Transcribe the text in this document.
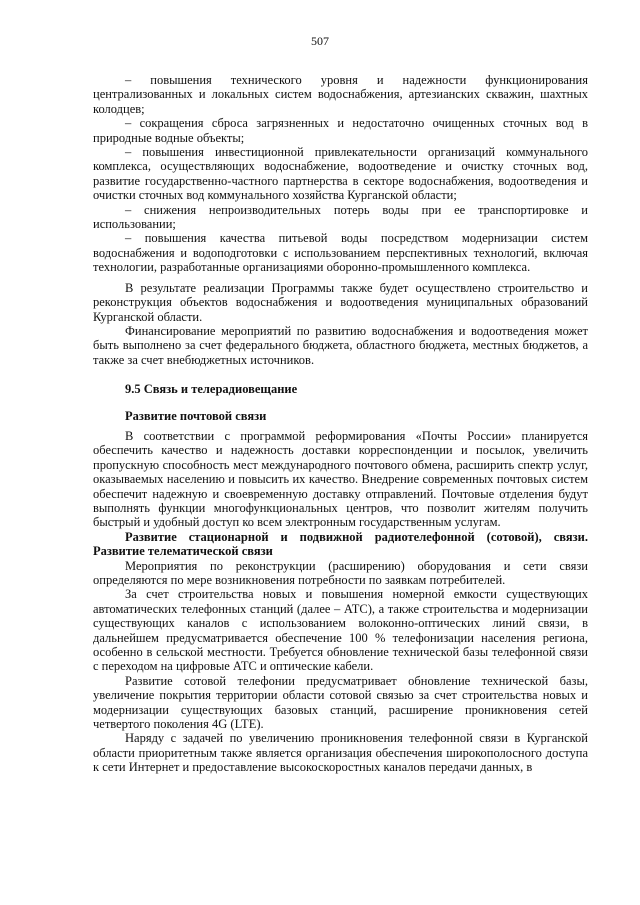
507

– повышения технического уровня и надежности функционирования централизованных и локальных систем водоснабжения, артезианских скважин, шахтных колодцев;

– сокращения сброса загрязненных и недостаточно очищенных сточных вод в природные водные объекты;

– повышения инвестиционной привлекательности организаций коммунального комплекса, осуществляющих водоснабжение, водоотведение и очистку сточных вод, развитие государственно-частного партнерства в секторе водоснабжения, водоотведения и очистки сточных вод коммунального хозяйства Курганской области;

– снижения непроизводительных потерь воды при ее транспортировке и использовании;

– повышения качества питьевой воды посредством модернизации систем водоснабжения и водоподготовки с использованием перспективных технологий, включая технологии, разработанные организациями оборонно-промышленного комплекса.

В результате реализации Программы также будет осуществлено строительство и реконструкция объектов водоснабжения и водоотведения муниципальных образований Курганской области.

Финансирование мероприятий по развитию водоснабжения и водоотведения может быть выполнено за счет федерального бюджета, областного бюджета, местных бюджетов, а также за счет внебюджетных источников.

9.5 Связь и телерадиовещание
Развитие почтовой связи

В соответствии с программой реформирования «Почты России» планируется обеспечить качество и надежность доставки корреспонденции и посылок, увеличить пропускную способность мест международного почтового обмена, расширить спектр услуг, оказываемых населению и повысить их качество. Внедрение современных почтовых систем обеспечит надежную и своевременную доставку отправлений. Почтовые отделения будут выполнять функции многофункциональных центров, что позволит жителям получить быстрый и удобный доступ ко всем электронным государственным услугам.

Развитие стационарной и подвижной радиотелефонной (сотовой), связи. Развитие телематической связи

Мероприятия по реконструкции (расширению) оборудования и сети связи определяются по мере возникновения потребности по заявкам потребителей.

За счет строительства новых и повышения номерной емкости существующих автоматических телефонных станций (далее – АТС), а также строительства и модернизации существующих каналов с использованием волоконно-оптических линий связи, в дальнейшем предусматривается обеспечение 100 % телефонизации населения региона, особенно в сельской местности. Требуется обновление технической базы телефонной связи с переходом на цифровые АТС и оптические кабели.

Развитие сотовой телефонии предусматривает обновление технической базы, увеличение покрытия территории области сотовой связью за счет строительства новых и модернизации существующих базовых станций, расширение проникновения сетей четвертого поколения 4G (LTE).

Наряду с задачей по увеличению проникновения телефонной связи в Курганской области приоритетным также является организация обеспечения широкополосного доступа к сети Интернет и предоставление высокоскоростных каналов передачи данных, в
